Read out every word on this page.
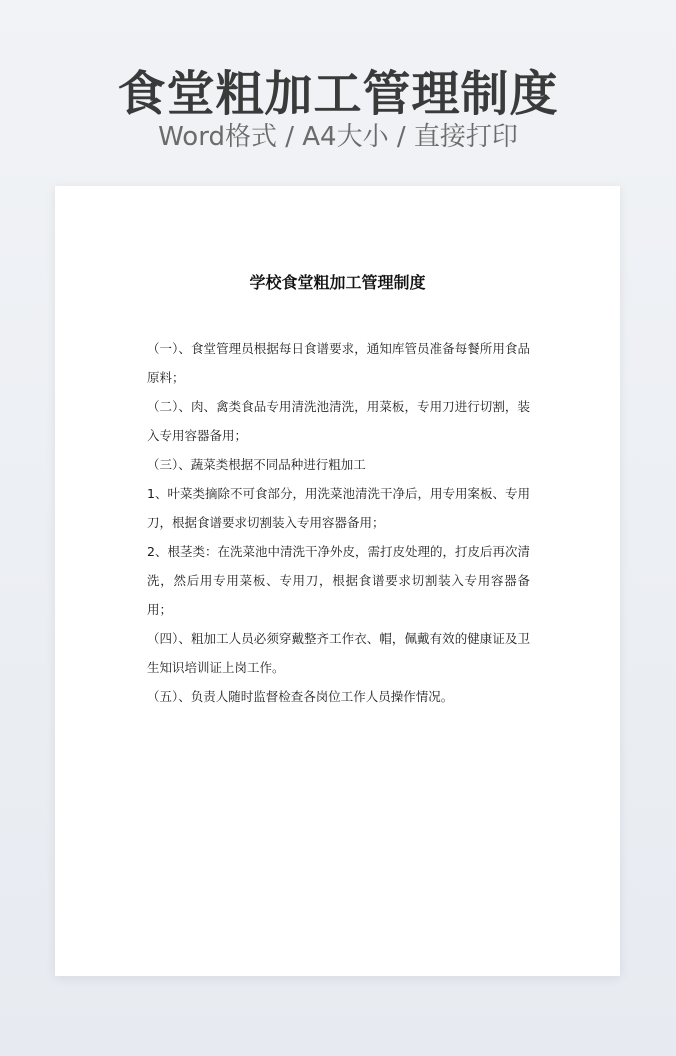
食堂粗加工管理制度
Word格式 / A4大小 / 直接打印
学校食堂粗加工管理制度

（一）、食堂管理员根据每日食谱要求，通知库管员准备每餐所用食品原料；

（二）、肉、禽类食品专用清洗池清洗，用菜板，专用刀进行切割，装入专用容器备用；

（三）、蔬菜类根据不同品种进行粗加工

1、叶菜类摘除不可食部分，用洗菜池清洗干净后，用专用案板、专用刀，根据食谱要求切割装入专用容器备用；

2、根茎类：在洗菜池中清洗干净外皮，需打皮处理的，打皮后再次清洗，然后用专用菜板、专用刀，根据食谱要求切割装入专用容器备用；

（四）、粗加工人员必须穿戴整齐工作衣、帽，佩戴有效的健康证及卫生知识培训证上岗工作。

（五）、负责人随时监督检查各岗位工作人员操作情况。
